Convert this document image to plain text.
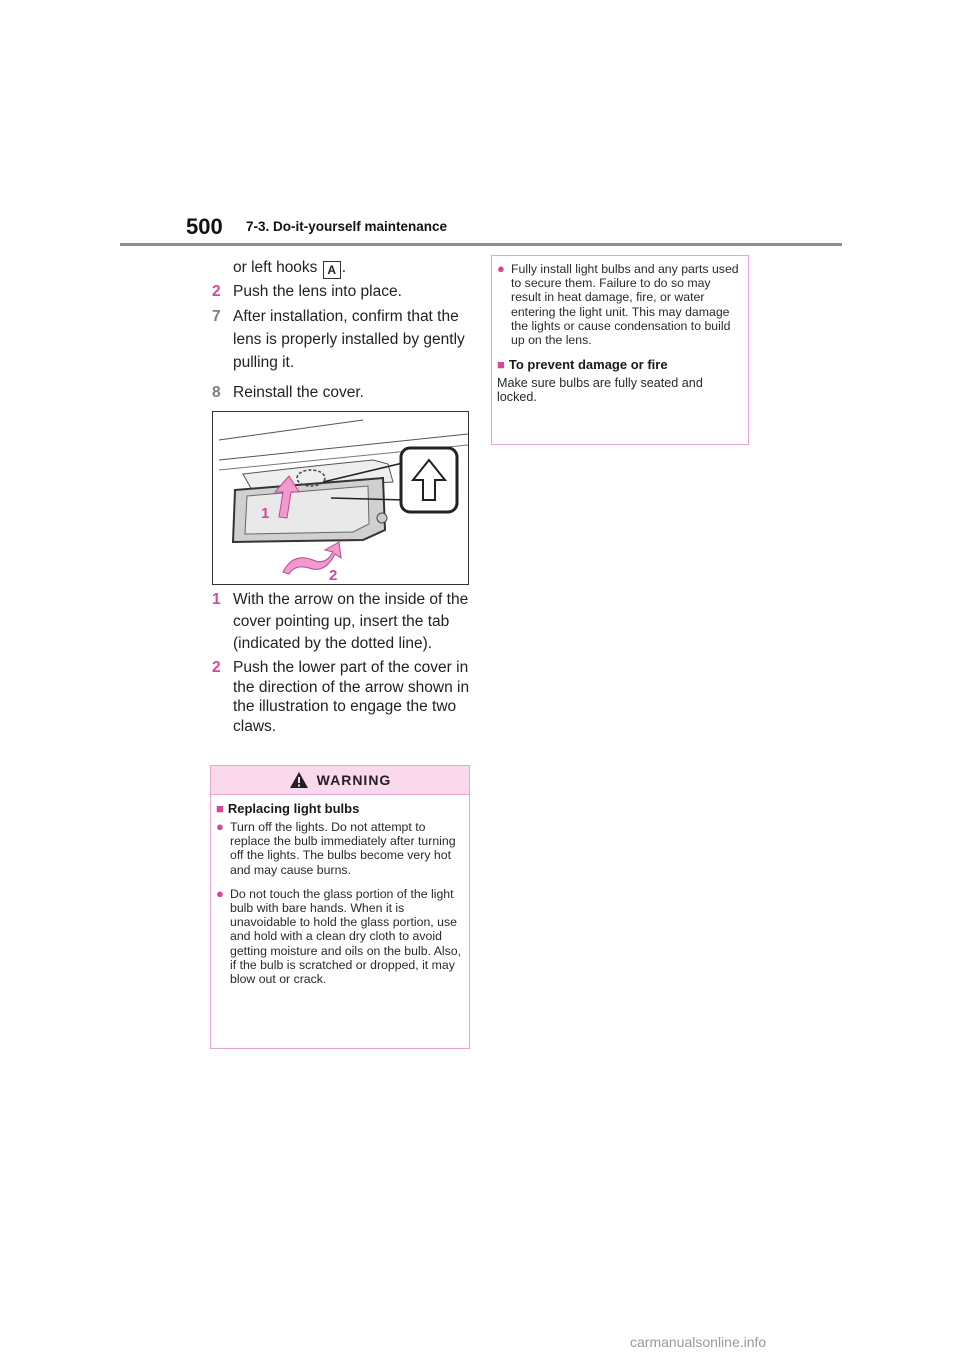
500 7-3. Do-it-yourself maintenance
or left hooks A .
2 Push the lens into place.
7 After installation, confirm that the lens is properly installed by gently pulling it.
8 Reinstall the cover.
1
2
1 With the arrow on the inside of the cover pointing up, insert the tab (indicated by the dotted line).
2 Push the lower part of the cover in the direction of the arrow shown in the illustration to engage the two claws.
WARNING
■ Replacing light bulbs
● Turn off the lights. Do not attempt to replace the bulb immediately after turning off the lights. The bulbs become very hot and may cause burns.
● Do not touch the glass portion of the light bulb with bare hands. When it is unavoidable to hold the glass portion, use and hold with a clean dry cloth to avoid getting moisture and oils on the bulb. Also, if the bulb is scratched or dropped, it may blow out or crack.
● Fully install light bulbs and any parts used to secure them. Failure to do so may result in heat damage, fire, or water entering the light unit. This may damage the lights or cause condensation to build up on the lens.
■ To prevent damage or fire
Make sure bulbs are fully seated and locked.
carmanualsonline.info
